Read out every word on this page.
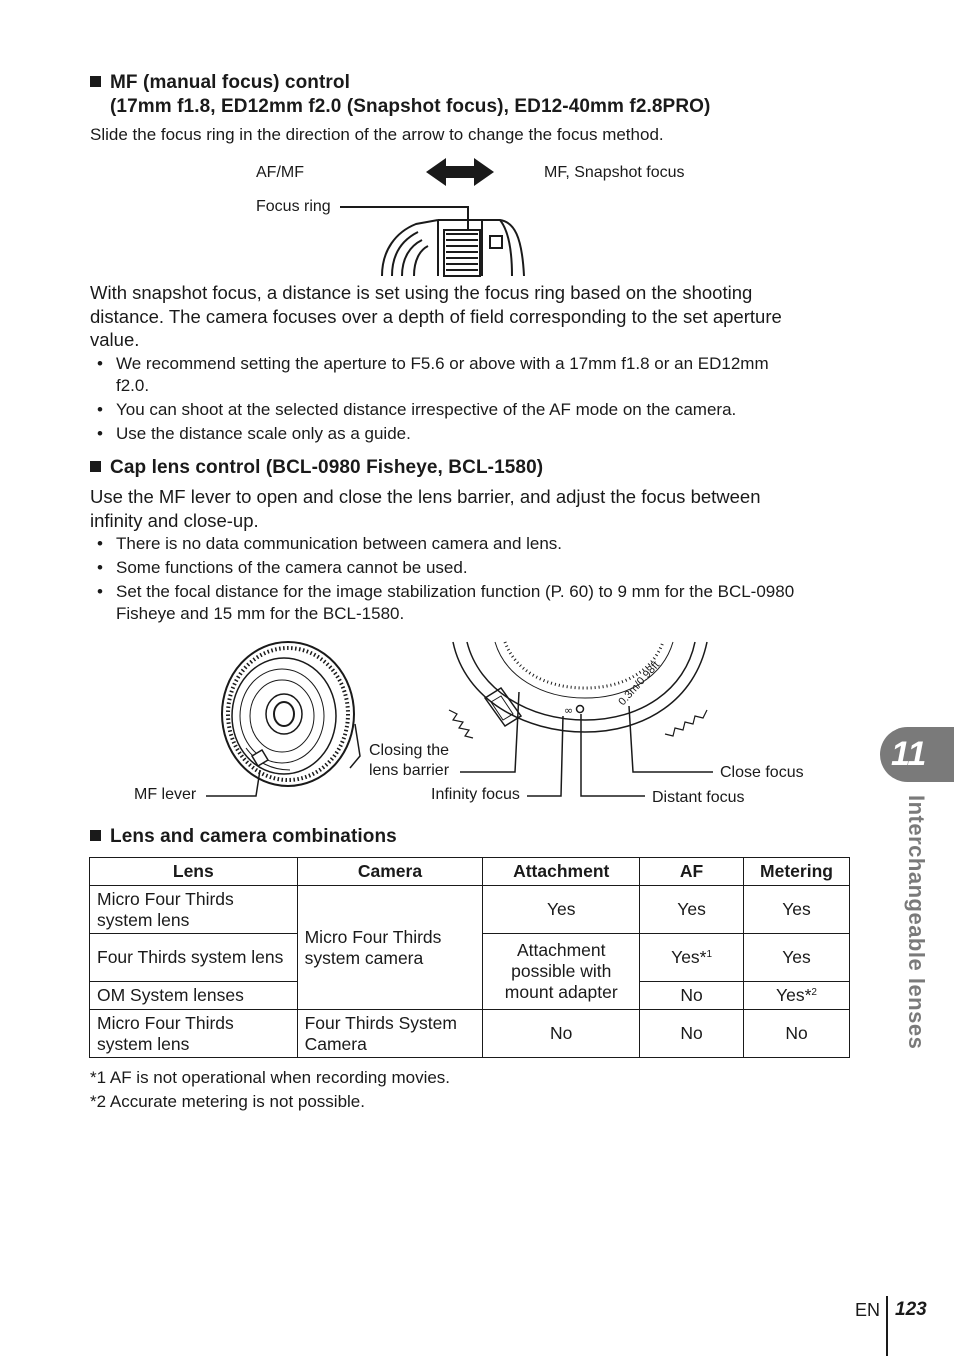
MF (manual focus) control
(17mm f1.8, ED12mm f2.0 (Snapshot focus), ED12-40mm f2.8PRO)
Slide the focus ring in the direction of the arrow to change the focus method.
AF/MF	MF, Snapshot focus
Focus ring
With snapshot focus, a distance is set using the focus ring based on the shooting
distance. The camera focuses over a depth of field corresponding to the set aperture
value.
• We recommend setting the aperture to F5.6 or above with a 17mm f1.8 or an ED12mm
f2.0.
• You can shoot at the selected distance irrespective of the AF mode on the camera.
• Use the distance scale only as a guide.
Cap lens control (BCL-0980 Fisheye, BCL-1580)
Use the MF lever to open and close the lens barrier, and adjust the focus between
infinity and close-up.
• There is no data communication between camera and lens.
• Some functions of the camera cannot be used.
• Set the focal distance for the image stabilization function (P. 60) to 9 mm for the BCL-0980
Fisheye and 15 mm for the BCL-1580.
MF lever
∞
0.3m/0.98ft
Closing the
lens barrier
Infinity focus	Distant focus
Close focus
Lens and camera combinations
Lens	Camera	Attachment	AF	Metering
Micro Four Thirds system lens	Micro Four Thirds system camera	Yes	Yes	Yes
Four Thirds system lens		Attachment possible with mount adapter	Yes*$^1$	Yes
OM System lenses			No	Yes*$^2$
Micro Four Thirds system lens	Four Thirds System Camera	No	No	No
*1 AF is not operational when recording movies.
*2 Accurate metering is not possible.
11
Interchangeable lenses
EN 123
